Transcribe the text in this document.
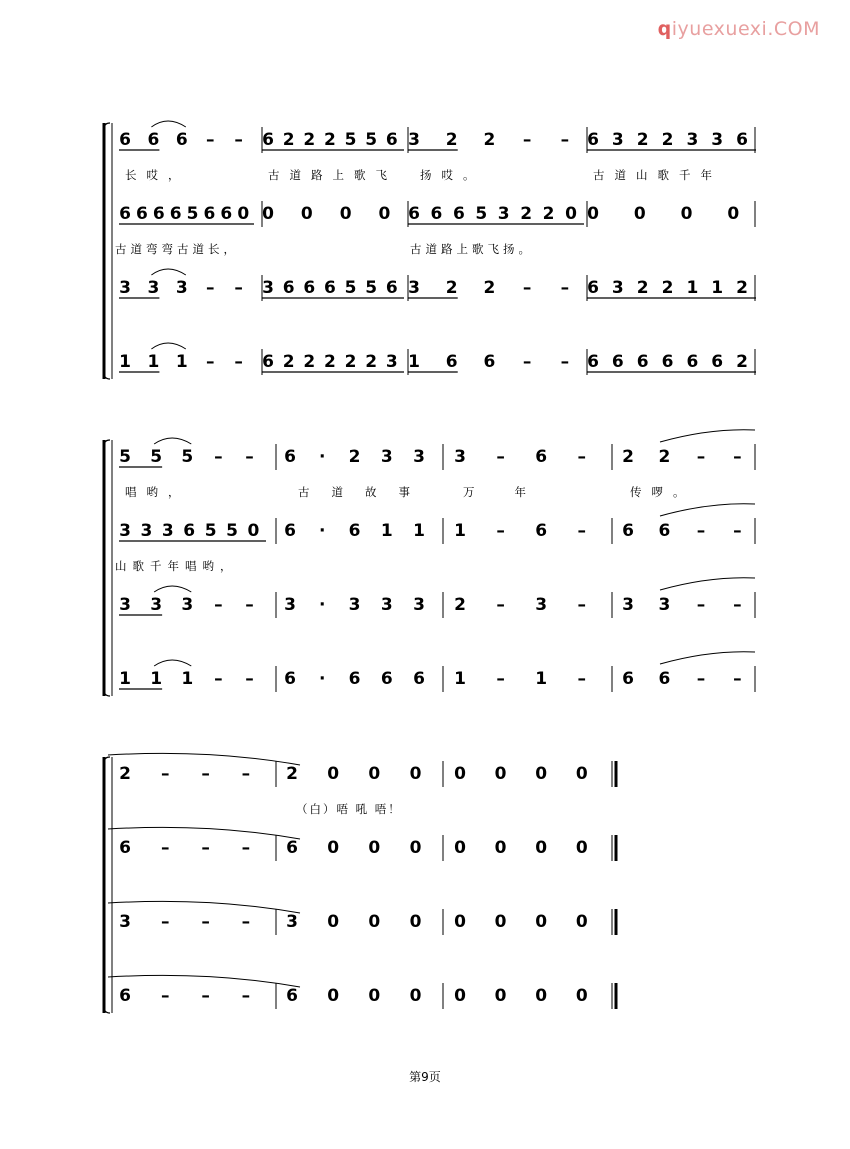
qiyuexuexi.COM
6 6 6 – – 6 2 2 2 5 5 6 3 2 2 – – 6 3 2 2 3 3 6
长哎，	古道路上歌飞 扬哎。	古道山歌千年
6 6 6 6 5 6 6 0 0 0 0 0 6 6 6 5 3 2 2 0 0 0 0 0
古道弯弯古道长，	古道路上歌飞扬。
3 3 3 – – 3 6 6 6 5 5 6 3 2 2 – – 6 3 2 2 1 1 2
1 1 1 – – 6 2 2 2 2 2 3 1 6 6 – – 6 6 6 6 6 6 2
5 5 5 – – 6 · 2 3 3 3 – 6 – 2 2 – –
唱哟，	古道故事	万年	传啰。
3 3 3 6 5 5 0 6 · 6 1 1 1 – 6 – 6 6 – –
山歌千年唱哟，
3 3 3 – – 3 · 3 3 3 2 – 3 – 3 3 – –
1 1 1 – – 6 · 6 6 6 1 – 1 – 6 6 – –
2 – – – 2 0 0 0 0 0 0 0
（白）唔 吼 唔！
6 – – – 6 0 0 0 0 0 0 0
3 – – – 3 0 0 0 0 0 0 0
6 – – – 6 0 0 0 0 0 0 0
第9页
